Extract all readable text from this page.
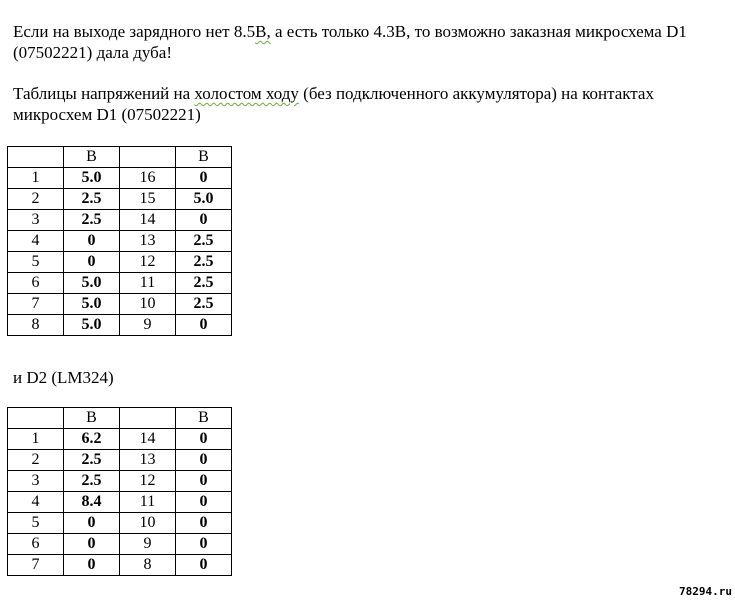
Если на выходе зарядного нет 8.5В, а есть только 4.3В, то возможно заказная микросхема D1 (07502221) дала дуба!

Таблицы напряжений на холостом ходу (без подключенного аккумулятора) на контактах микросхем D1 (07502221)

	В		В
1	5.0	16	0
2	2.5	15	5.0
3	2.5	14	0
4	0	13	2.5
5	0	12	2.5
6	5.0	11	2.5
7	5.0	10	2.5
8	5.0	9	0

и D2 (LM324)

	В		В
1	6.2	14	0
2	2.5	13	0
3	2.5	12	0
4	8.4	11	0
5	0	10	0
6	0	9	0
7	0	8	0
78294.ru
